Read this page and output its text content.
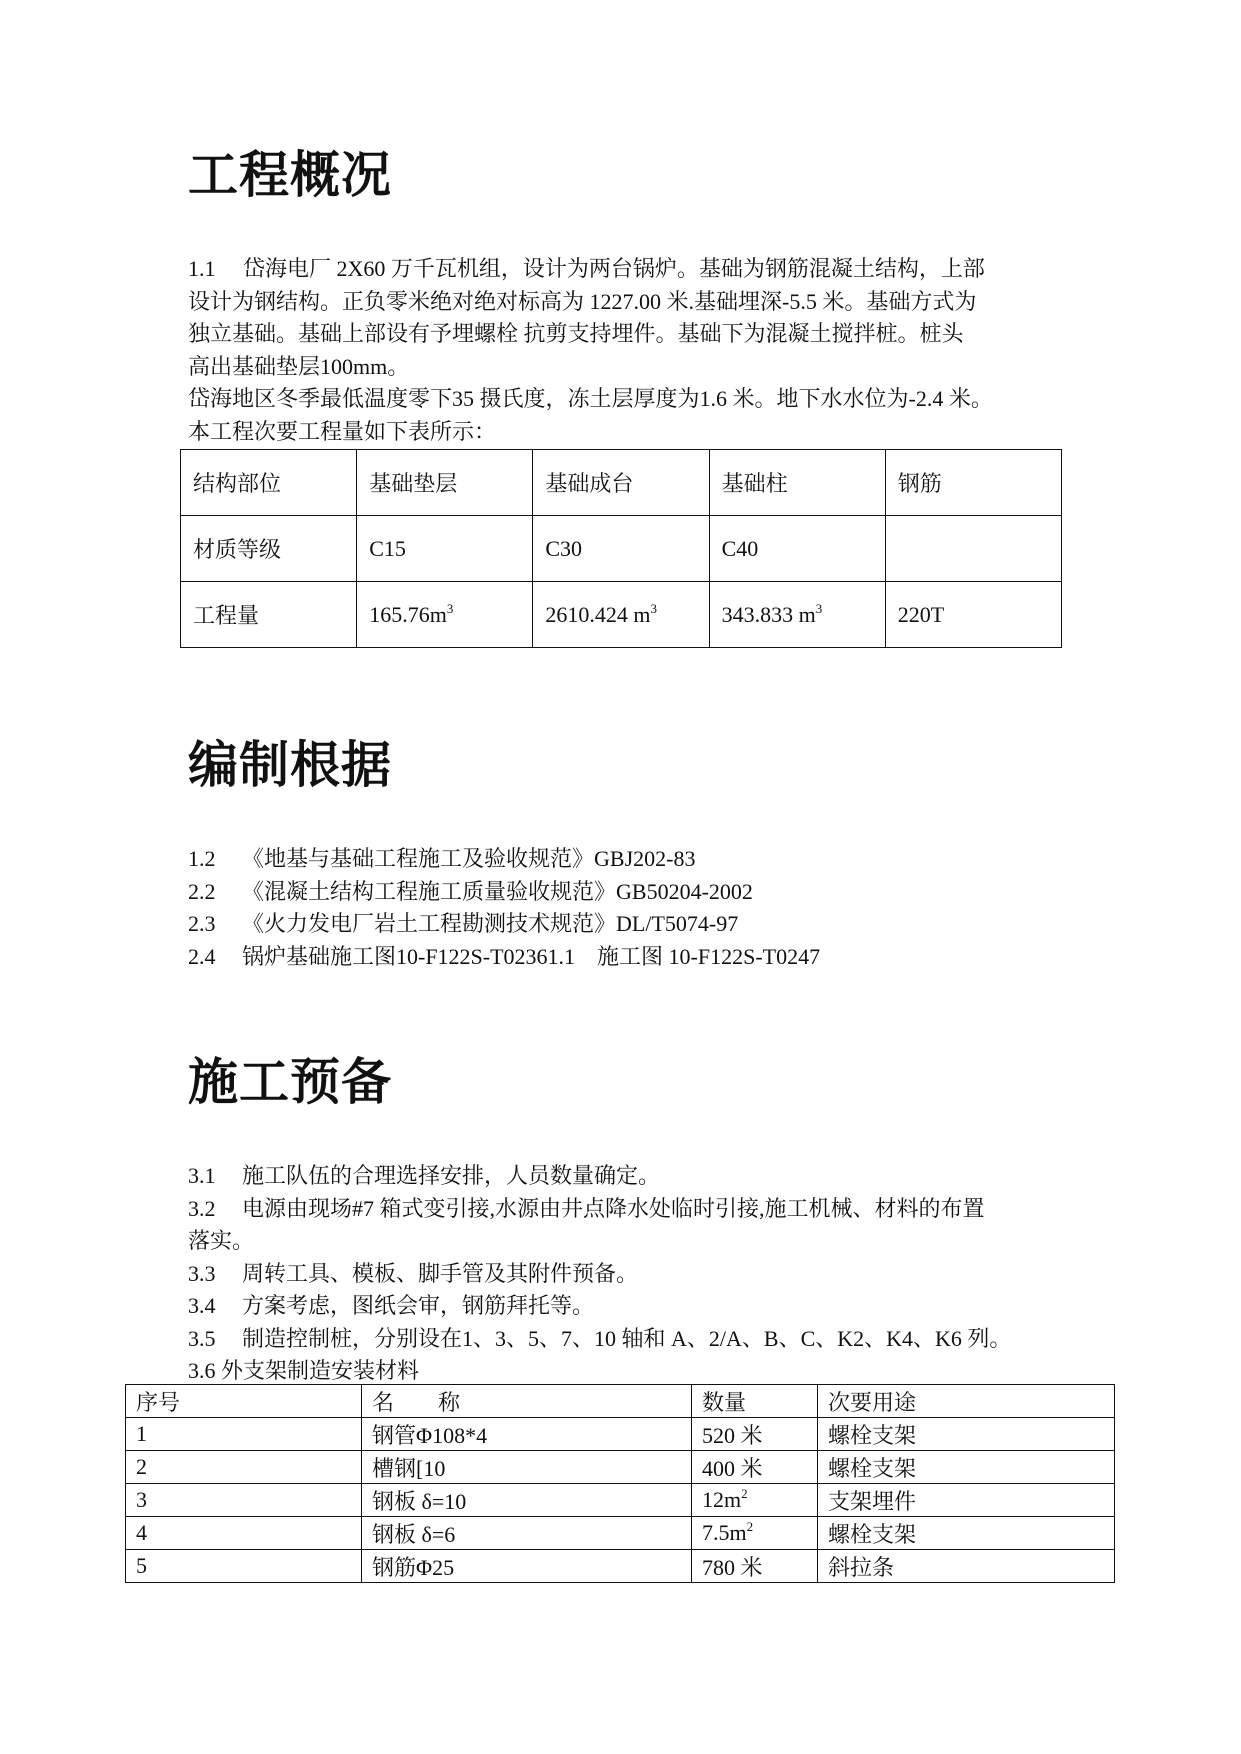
工程概况

1.1　 岱海电厂 2X60 万千瓦机组，设计为两台锅炉。基础为钢筋混凝土结构，上部

设计为钢结构。正负零米绝对绝对标高为 1227.00 米.基础埋深-5.5 米。基础方式为

独立基础。基础上部设有予埋螺栓 抗剪支持埋件。基础下为混凝土搅拌桩。桩头

高出基础垫层100mm。

岱海地区冬季最低温度零下35 摄氏度，冻土层厚度为1.6 米。地下水水位为-2.4 米。

本工程次要工程量如下表所示：

结构部位	基础垫层	基础成台	基础柱	钢筋
材质等级	C15	C30	C40	
工程量	$165.76m^3$	2610.424 $m^3$	343.833 $m^3$	220T
编制根据

1.2 《地基与基础工程施工及验收规范》GBJ202-83

2.2 《混凝土结构工程施工质量验收规范》GB50204-2002

2.3 《火力发电厂岩土工程勘测技术规范》DL/T5074-97

2.4 锅炉基础施工图10-F122S-T02361.1　施工图 10-F122S-T0247

施工预备

3.1 施工队伍的合理选择安排，人员数量确定。

3.2 电源由现场#7 箱式变引接,水源由井点降水处临时引接,施工机械、材料的布置

落实。

3.3 周转工具、模板、脚手管及其附件预备。

3.4 方案考虑，图纸会审，钢筋拜托等。

3.5 制造控制桩，分别设在1、3、5、7、10 轴和 A、2/A、B、C、K2、K4、K6 列。

3.6 外支架制造安装材料

序号	名　　称	数量	次要用途
1	钢管Φ108*4	520 米	螺栓支架
2	槽钢[10	400 米	螺栓支架
3	钢板 δ=10	$12m^2$	支架埋件
4	钢板 δ=6	$7.5m^2$	螺栓支架
5	钢筋Φ25	780 米	斜拉条
